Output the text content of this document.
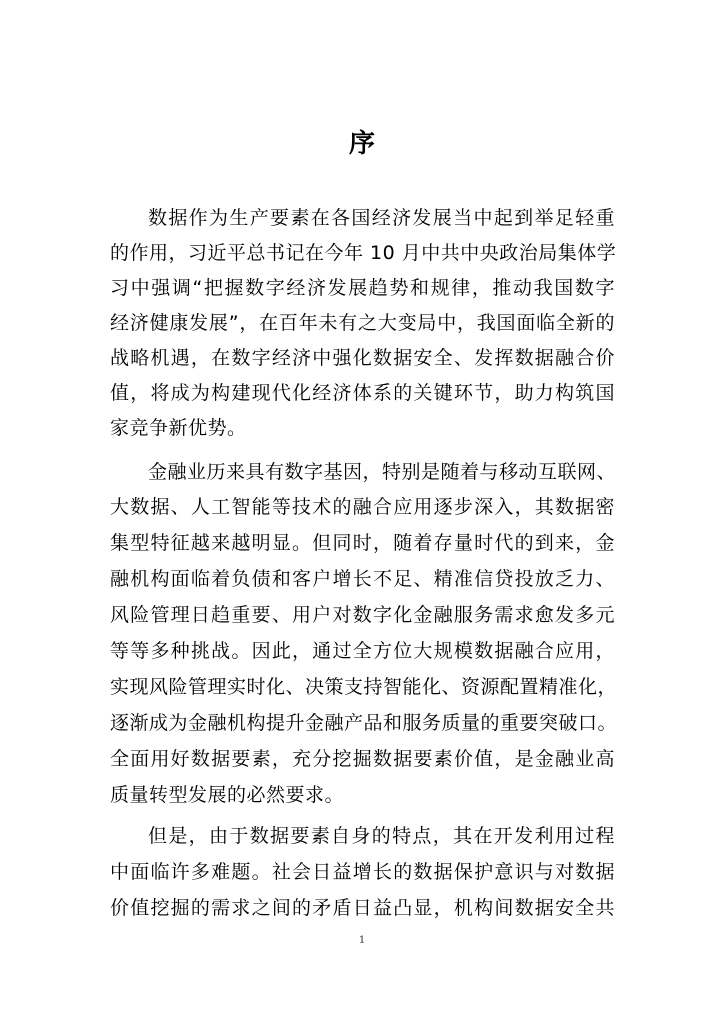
序
数据作为生产要素在各国经济发展当中起到举足轻重
的作用，习近平总书记在今年 10 月中共中央政治局集体学
习中强调“把握数字经济发展趋势和规律，推动我国数字
经济健康发展”，在百年未有之大变局中，我国面临全新的
战略机遇，在数字经济中强化数据安全、发挥数据融合价
值，将成为构建现代化经济体系的关键环节，助力构筑国
家竞争新优势。
金融业历来具有数字基因，特别是随着与移动互联网、
大数据、人工智能等技术的融合应用逐步深入，其数据密
集型特征越来越明显。但同时，随着存量时代的到来，金
融机构面临着负债和客户增长不足、精准信贷投放乏力、
风险管理日趋重要、用户对数字化金融服务需求愈发多元
等等多种挑战。因此，通过全方位大规模数据融合应用，
实现风险管理实时化、决策支持智能化、资源配置精准化，
逐渐成为金融机构提升金融产品和服务质量的重要突破口。
全面用好数据要素，充分挖掘数据要素价值，是金融业高
质量转型发展的必然要求。
但是，由于数据要素自身的特点，其在开发利用过程
中面临许多难题。社会日益增长的数据保护意识与对数据
价值挖掘的需求之间的矛盾日益凸显，机构间数据安全共
1
